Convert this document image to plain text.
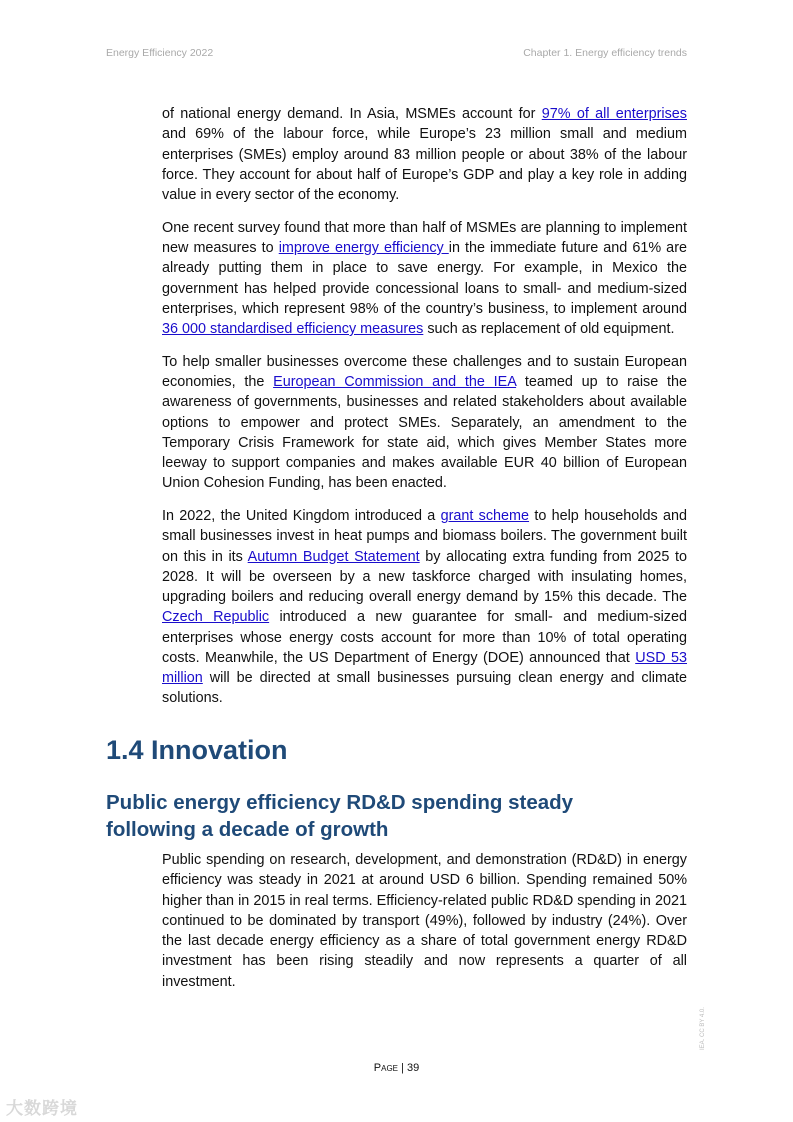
Energy Efficiency 2022	Chapter 1. Energy efficiency trends

of national energy demand. In Asia, MSMEs account for 97% of all enterprises and 69% of the labour force, while Europe’s 23 million small and medium enterprises (SMEs) employ around 83 million people or about 38% of the labour force. They account for about half of Europe’s GDP and play a key role in adding value in every sector of the economy.

One recent survey found that more than half of MSMEs are planning to implement new measures to improve energy efficiency in the immediate future and 61% are already putting them in place to save energy. For example, in Mexico the government has helped provide concessional loans to small- and medium-sized enterprises, which represent 98% of the country’s business, to implement around 36 000 standardised efficiency measures such as replacement of old equipment.

To help smaller businesses overcome these challenges and to sustain European economies, the European Commission and the IEA teamed up to raise the awareness of governments, businesses and related stakeholders about available options to empower and protect SMEs. Separately, an amendment to the Temporary Crisis Framework for state aid, which gives Member States more leeway to support companies and makes available EUR 40 billion of European Union Cohesion Funding, has been enacted.

In 2022, the United Kingdom introduced a grant scheme to help households and small businesses invest in heat pumps and biomass boilers. The government built on this in its Autumn Budget Statement by allocating extra funding from 2025 to 2028. It will be overseen by a new taskforce charged with insulating homes, upgrading boilers and reducing overall energy demand by 15% this decade. The Czech Republic introduced a new guarantee for small- and medium-sized enterprises whose energy costs account for more than 10% of total operating costs. Meanwhile, the US Department of Energy (DOE) announced that USD 53 million will be directed at small businesses pursuing clean energy and climate solutions.

1.4 Innovation
Public energy efficiency RD&D spending steady following a decade of growth

Public spending on research, development, and demonstration (RD&D) in energy efficiency was steady in 2021 at around USD 6 billion. Spending remained 50% higher than in 2015 in real terms. Efficiency-related public RD&D spending in 2021 continued to be dominated by transport (49%), followed by industry (24%). Over the last decade energy efficiency as a share of total government energy RD&D investment has been rising steadily and now represents a quarter of all investment.

Page | 39
IEA. CC BY 4.0.
大数跨境
